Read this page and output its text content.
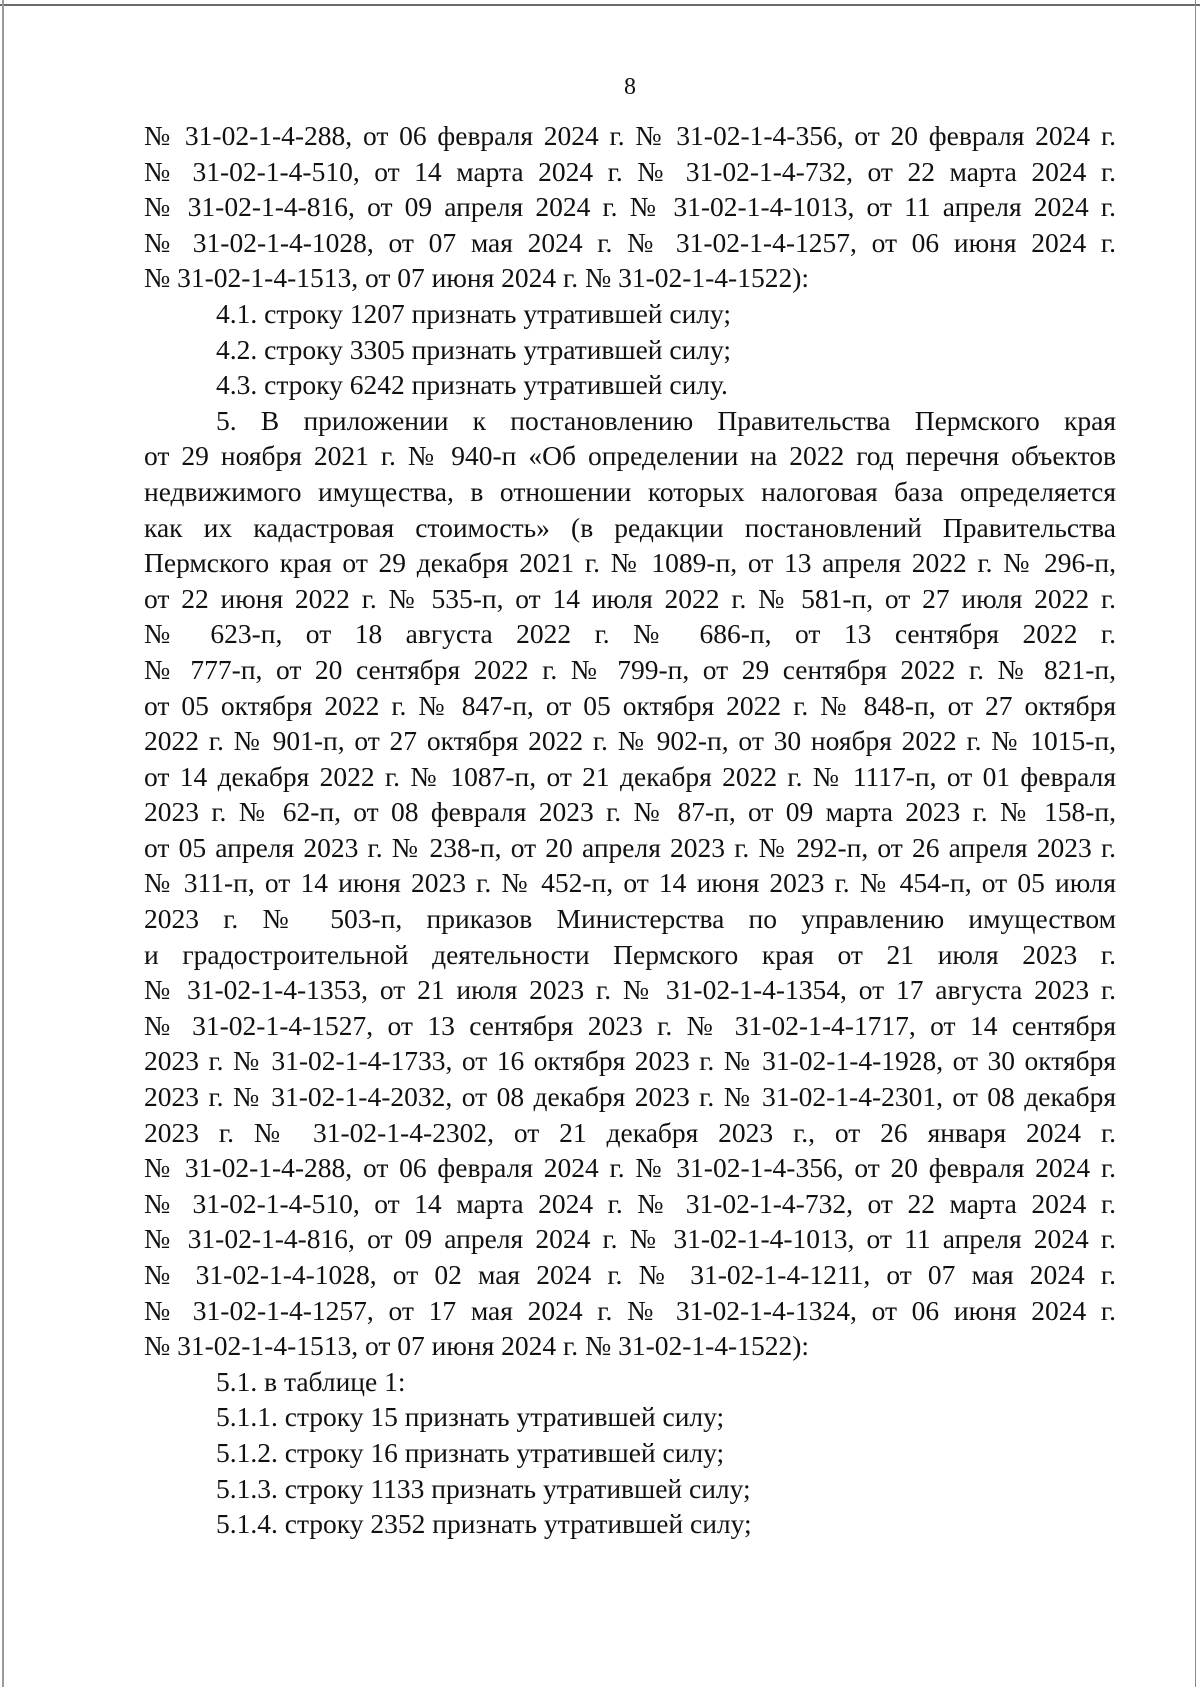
8
№ 31-02-1-4-288, от 06 февраля 2024 г. № 31-02-1-4-356, от 20 февраля 2024 г.
№ 31-02-1-4-510, от 14 марта 2024 г. № 31-02-1-4-732, от 22 марта 2024 г.
№ 31-02-1-4-816, от 09 апреля 2024 г. № 31-02-1-4-1013, от 11 апреля 2024 г.
№ 31-02-1-4-1028, от 07 мая 2024 г. № 31-02-1-4-1257, от 06 июня 2024 г.
№ 31-02-1-4-1513, от 07 июня 2024 г. № 31-02-1-4-1522):
4.1. строку 1207 признать утратившей силу;
4.2. строку 3305 признать утратившей силу;
4.3. строку 6242 признать утратившей силу.
5. В приложении к постановлению Правительства Пермского края
от 29 ноября 2021 г. № 940-п «Об определении на 2022 год перечня объектов
недвижимого имущества, в отношении которых налоговая база определяется
как их кадастровая стоимость» (в редакции постановлений Правительства
Пермского края от 29 декабря 2021 г. № 1089-п, от 13 апреля 2022 г. № 296-п,
от 22 июня 2022 г. № 535-п, от 14 июля 2022 г. № 581-п, от 27 июля 2022 г.
№ 623-п, от 18 августа 2022 г. № 686-п, от 13 сентября 2022 г.
№ 777-п, от 20 сентября 2022 г. № 799-п, от 29 сентября 2022 г. № 821-п,
от 05 октября 2022 г. № 847-п, от 05 октября 2022 г. № 848-п, от 27 октября
2022 г. № 901-п, от 27 октября 2022 г. № 902-п, от 30 ноября 2022 г. № 1015-п,
от 14 декабря 2022 г. № 1087-п, от 21 декабря 2022 г. № 1117-п, от 01 февраля
2023 г. № 62-п, от 08 февраля 2023 г. № 87-п, от 09 марта 2023 г. № 158-п,
от 05 апреля 2023 г. № 238-п, от 20 апреля 2023 г. № 292-п, от 26 апреля 2023 г.
№ 311-п, от 14 июня 2023 г. № 452-п, от 14 июня 2023 г. № 454-п, от 05 июля
2023 г. № 503-п, приказов Министерства по управлению имуществом
и градостроительной деятельности Пермского края от 21 июля 2023 г.
№ 31-02-1-4-1353, от 21 июля 2023 г. № 31-02-1-4-1354, от 17 августа 2023 г.
№ 31-02-1-4-1527, от 13 сентября 2023 г. № 31-02-1-4-1717, от 14 сентября
2023 г. № 31-02-1-4-1733, от 16 октября 2023 г. № 31-02-1-4-1928, от 30 октября
2023 г. № 31-02-1-4-2032, от 08 декабря 2023 г. № 31-02-1-4-2301, от 08 декабря
2023 г. № 31-02-1-4-2302, от 21 декабря 2023 г., от 26 января 2024 г.
№ 31-02-1-4-288, от 06 февраля 2024 г. № 31-02-1-4-356, от 20 февраля 2024 г.
№ 31-02-1-4-510, от 14 марта 2024 г. № 31-02-1-4-732, от 22 марта 2024 г.
№ 31-02-1-4-816, от 09 апреля 2024 г. № 31-02-1-4-1013, от 11 апреля 2024 г.
№ 31-02-1-4-1028, от 02 мая 2024 г. № 31-02-1-4-1211, от 07 мая 2024 г.
№ 31-02-1-4-1257, от 17 мая 2024 г. № 31-02-1-4-1324, от 06 июня 2024 г.
№ 31-02-1-4-1513, от 07 июня 2024 г. № 31-02-1-4-1522):
5.1. в таблице 1:
5.1.1. строку 15 признать утратившей силу;
5.1.2. строку 16 признать утратившей силу;
5.1.3. строку 1133 признать утратившей силу;
5.1.4. строку 2352 признать утратившей силу;
